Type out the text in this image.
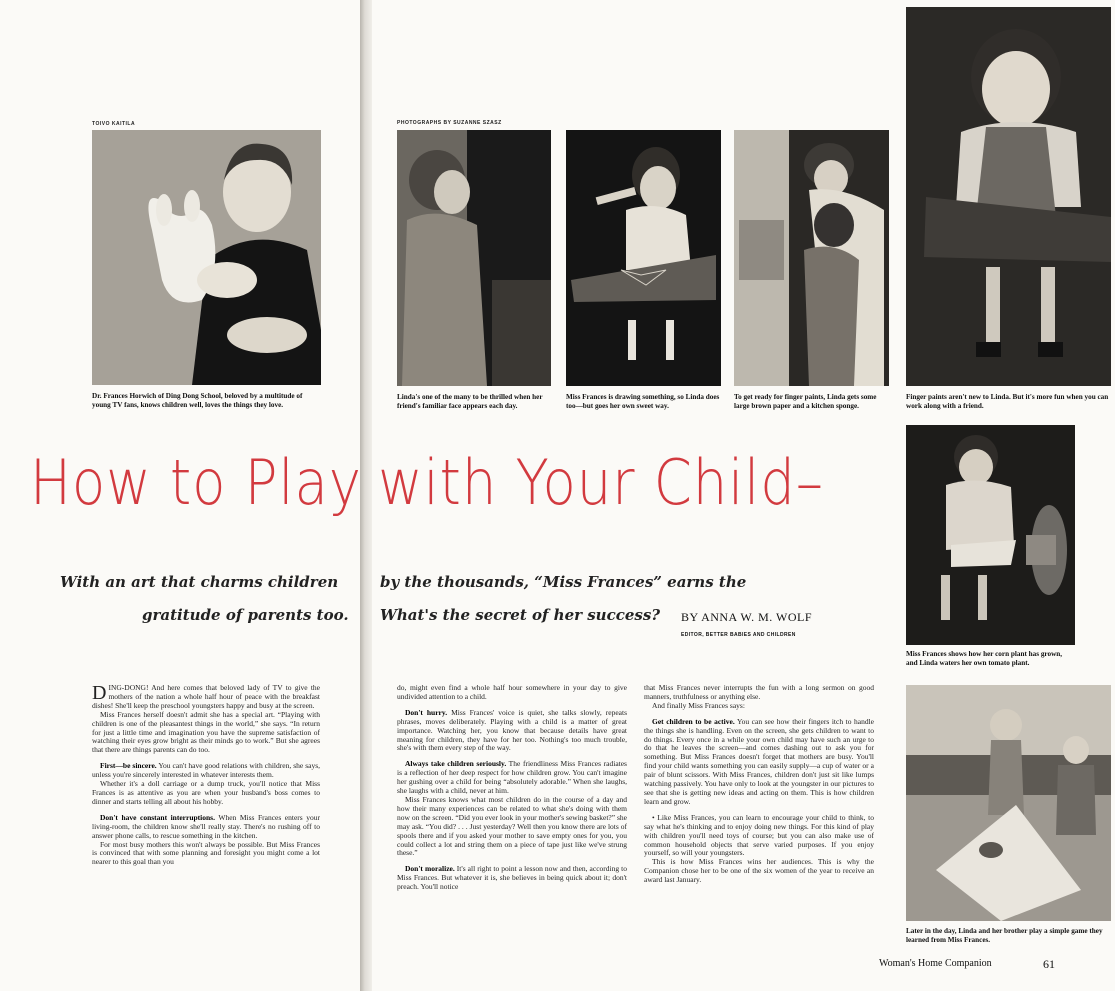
TOIVO KAITILA	PHOTOGRAPHS BY SUZANNE SZASZ
Dr. Frances Horwich of Ding Dong School, beloved by a multitude of young TV fans, knows children well, loves the things they love.
Linda's one of the many to be thrilled when her friend's familiar face appears each day.
Miss Frances is drawing something, so Linda does too—but goes her own sweet way.
To get ready for finger paints, Linda gets some large brown paper and a kitchen sponge.
Finger paints aren't new to Linda. But it's more fun when you can work along with a friend.
Miss Frances shows how her corn plant has grown, and Linda waters her own tomato plant.
Later in the day, Linda and her brother play a simple game they learned from Miss Frances.
How to Play with Your Child–
With an art that charms children
gratitude of parents too.
by the thousands, “Miss Frances” earns the
What's the secret of her success? BY ANNA W. M. WOLF
EDITOR, BETTER BABIES AND CHILDREN

DING-DONG! And here comes that beloved lady of TV to give the mothers of the nation a whole half hour of peace with the breakfast dishes! She'll keep the preschool youngsters happy and busy at the screen.

Miss Frances herself doesn't admit she has a special art. “Playing with children is one of the pleasantest things in the world,” she says. “In return for just a little time and imagination you have the supreme satisfaction of watching their eyes grow bright as their minds go to work.” But she agrees that there are things parents can do too.

First—be sincere. You can't have good relations with children, she says, unless you're sincerely interested in whatever interests them.

Whether it's a doll carriage or a dump truck, you'll notice that Miss Frances is as attentive as you are when your husband's boss comes to dinner and starts telling all about his hobby.

Don't have constant interruptions. When Miss Frances enters your living-room, the children know she'll really stay. There's no rushing off to answer phone calls, to rescue something in the kitchen.

For most busy mothers this won't always be possible. But Miss Frances is convinced that with some planning and foresight you might come a lot nearer to this goal than you

do, might even find a whole half hour somewhere in your day to give undivided attention to a child.

Don't hurry. Miss Frances' voice is quiet, she talks slowly, repeats phrases, moves deliberately. Playing with a child is a matter of great importance. Watching her, you know that because details have great meaning for children, they have for her too. Nothing's too much trouble, she's with them every step of the way.

Always take children seriously. The friendliness Miss Frances radiates is a reflection of her deep respect for how children grow. You can't imagine her gushing over a child for being “absolutely adorable.” When she laughs, she laughs with a child, never at him.

Miss Frances knows what most children do in the course of a day and how their many experiences can be related to what she's doing with them now on the screen. “Did you ever look in your mother's sewing basket?” she may ask. “You did? . . . Just yesterday? Well then you know there are lots of spools there and if you asked your mother to save empty ones for you, you could collect a lot and string them on a piece of tape just like we've strung these.”

Don't moralize. It's all right to point a lesson now and then, according to Miss Frances. But whatever it is, she believes in being quick about it; don't preach. You'll notice

that Miss Frances never interrupts the fun with a long sermon on good manners, truthfulness or anything else.

And finally Miss Frances says:

Get children to be active. You can see how their fingers itch to handle the things she is handling. Even on the screen, she gets children to want to do things. Every once in a while your own child may have such an urge to do that he leaves the screen—and comes dashing out to ask you for something. But Miss Frances doesn't forget that mothers are busy. You'll find your child wants something you can easily supply—a cup of water or a pair of blunt scissors. With Miss Frances, children don't just sit like lumps watching passively. You have only to look at the youngster in our pictures to see that she is getting new ideas and acting on them. This is how children learn and grow.

• Like Miss Frances, you can learn to encourage your child to think, to say what he's thinking and to enjoy doing new things. For this kind of play with children you'll need toys of course; but you can also make use of common household objects that serve varied purposes. If you enjoy yourself, so will your youngsters.

This is how Miss Frances wins her audiences. This is why the Companion chose her to be one of the six women of the year to receive an award last January.

Woman's Home Companion	61
